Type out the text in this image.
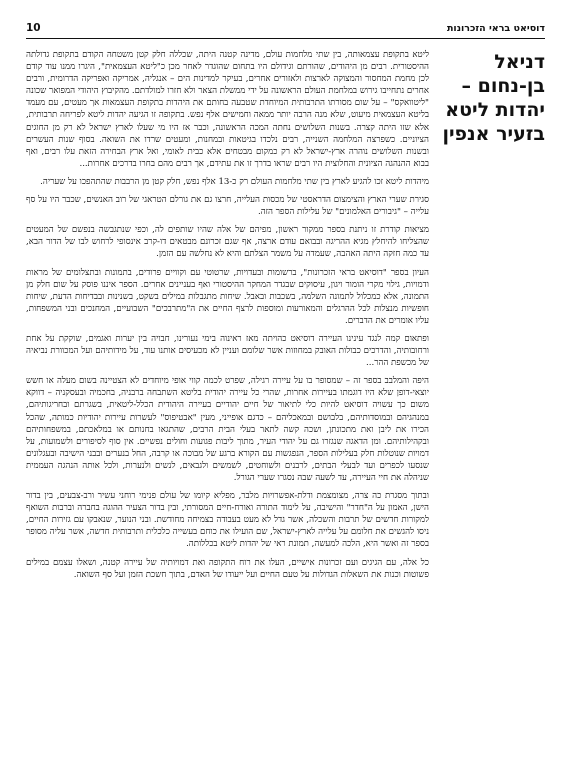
דוסיאט בראי הזכרונות
10
דניאל בן-נחום –
יהדות ליטא בזעיר אנפין

ליטא בתקופת עצמאותה, בין שתי מלחמות עולם, מדינה קטנה היתה, שכללה חלק קטן משטחה הקודם בתקופת גדולתה ההיסטורית. רבים מן היהודים, שהורתם וגידולם היו בתחום שהוגדר לאחר מכן כ"ליטא העצמאית", היגרו ממנו עוד קודם לכן מחמת המחסור והמצוקה לארצות ולאזורים אחרים, בעיקר למדינות הים – אנגליה, אמריקה ואפריקה הדרומית, ורבים אחרים נתחייבו גירוש במלחמת העולם הראשונה על ידי ממשלת הצאר ולא חזרו למולדתם. מהקיבוץ היהודי המפואר שכונה "ליטוואקס" – על שום מסורתו התרבותית המיוחדת שטבעה בחותם את היהדות בתקופת העצמאות אך מעטים, עם מעמד בליטא העצמאית מיעוט, שלא מנה הרבה יותר ממאה וחמישים אלף נפש. בתקופה זו הגיעה יהדות ליטא לפריחה תרבותית, אלא שזו היתה קצרה. בשנות השלושים נחתה המכה הראשונה, וכבר אז היו מי שעלו לארץ ישראל לא רק מן החוגים הציוניים. כשפרצה המלחמה השנייה, רבים נלכדו בגיטאות ובמחנות, ומעטים שרדו את השואה. בסוף שנות העשרים ובשנות השלושים נוהרה ארץ-ישראל לא רק כמקום מבטחים אלא כבית לאומי, ואל ארץ הבחירה הזאת עלו רבים, ואף בבוא ההנהגה הציונית והחלוצית היו רבים שראו בדרך זו את עתידם, אך רבים מהם בחרו בדרכים אחרות...

מיהדות ליטא זכו להגיע לארץ בין שתי מלחמות העולם רק כ-13 אלף נפש, חלק קטן מן הרבבות שהתהפכו על שעריה.

סגירת שערי הארץ והצימצום הדראסטי של מכסות העלייה, חרצו גם את גורלם הטראגי של רוב האנשים, שכבר היו על סף עלייה – "גיבורים האלמונים" של עלילות הספר הזה.

מציאות קודרת זו ניתנת בספר ממקור ראשון, מפיהם של אלה שהיו שותפים לה, וכפי שנתגבשה בנפשם של המעטים שהצליחו להיחלץ מגיא ההריגה ובבואם עודם ארצה, אף שגם זכרונם מבטאים דו-קרב אינסופי לרחוש לבו של הדור הבא, עד כמה חזקה היתה האהבה, שעמדה על משמר הצלתם והיא לא נחלשה עם הזמן.

העיון בספר "דוסיאט בראי הזכרונות", ברשומות ובעדויות, שרטוטי עם וקוויים פרודים, בתמונות ובתצלומים של מראות ודמויות, גילוי מקרי הומור ויגון, עיסוקים שבגדר המחקר ההיסטורי ואף בעניינים אחרים. הספר איננו פוסק על שום חלק מן התמונה, אלא כמכלול לתמונה השלמה, בשכבות ובאבל. שיחות מתגבלות במילים בשקט, בשנינות ובבדיחות הדעת, שיחות חופשיות מנצלות לכל ההרגלים והמאורעות ומוספות לרצף החיים את ה"מתרבכים" השבועיים, המחנכים ובני המשפחות, עליו אומרים את הדברים.

ופתאום קמה לנגד עינינו העיירה דוסיאט כהויתה מאז ראינוה בימי נעורינו, חבויה בין יערות ואגמים, שוקקת על אחת ורחובותיה, והדרכים כבולות האובק במחוזות אשר שלומם ועניין לא מכעיסים אותנו עוד, על מידותיהם ועל המכוורת נביאיה של מכשפת ההר...

היפה והמלבב בספר זה – שמסופר בו על עיירה רגילה, שפרט לכמה קווי אופי מיוחדים לא הצטיינה בשום מעלה או חשש יוצאי-דופן שלא היו דוגמתו בעיירות אחרות, שהרי כל עיירה יהודית בליטא השתבחה ברבניה, בחכמיה ובעסקניה – דווקא משום כך עשויה דוסיאט להיות כלי לתיאור של חיים יהודיים בעיירה היהודית הכלל-ליטאית, בשגרתם ובחריגותיהם, במנהגיהם ובמוסדותיהם, בלבושם ובמאכליהם – כדגם אופייני, מעין "אבטיפוס" לעשרות עיירות יהודיות כמותה, שהכל הכירו את ליבן ואת מתכונתן, ושכה קשה לתאר בעלי הבית הרבים, שהתגאו בחנותם או במלאכתם, במשפחותיהם ובקהילותיהם. ומן הדאגה שנגזרו גם על יהודי העיר, מתוך ליבות פגועות וחולים נפשיים. אין סוף לסיפורים ולשמועות, על דמויות שנוטלות חלק בעלילות הספר, הנפגשות עם הקורא ברגע של מבוכה או קרבה, החל בנערים ובבני הישיבה ובעגלונים שנסעו לכפרים ועד לבעלי הבתים, לרבנים ולשוחטים, לשמשים ולגבאים, לנשים ולנערות, ולכל אותה הנהגה העממית שניהלה את חיי העיירה, עד לשעה שבה נסגרו שערי הגורל.

ובתוך מסגרת כה צרה, מצומצמת ודלת-אפשרויות מלבר, מפליא קיומו של עולם פנימי רוחני עשיר ורב-צבעים, בין בדור הישן, האמון על ה"חדר" והישיבה, על לימוד התורה ואורח-חיים המסורתי, ובין בדור הצעיר ההוגה בחברה וברבות השואף למקורות חדשים של תרבות והשכלה, אשר גדל לא מעט בעבודה בצמיחה מחודשת. ובני הנוער, שנאבקו עם גזירות החיים, ניסו להגשים את חלומם על עלייה לארץ-ישראל, שם הועילו את כוחם בעשייה כלכלית ותרבותית חדשה, אשר עליה מסופר בספר זה ואשר היא, הלכה למעשה, תמונת ראי של יהדות ליטא בכללותה.

כל אלה, עם הגיגים ועם זכרונות אישיים, העלו את רוח התקופה ואת דמויותיה של עיירה קטנה, ושאלו עצמם במילים פשוטות וכנות את השאלות הגדולות על טעם החיים ועל ייעודו של האדם, בתוך חשכת הזמן ועל סף השואה.
